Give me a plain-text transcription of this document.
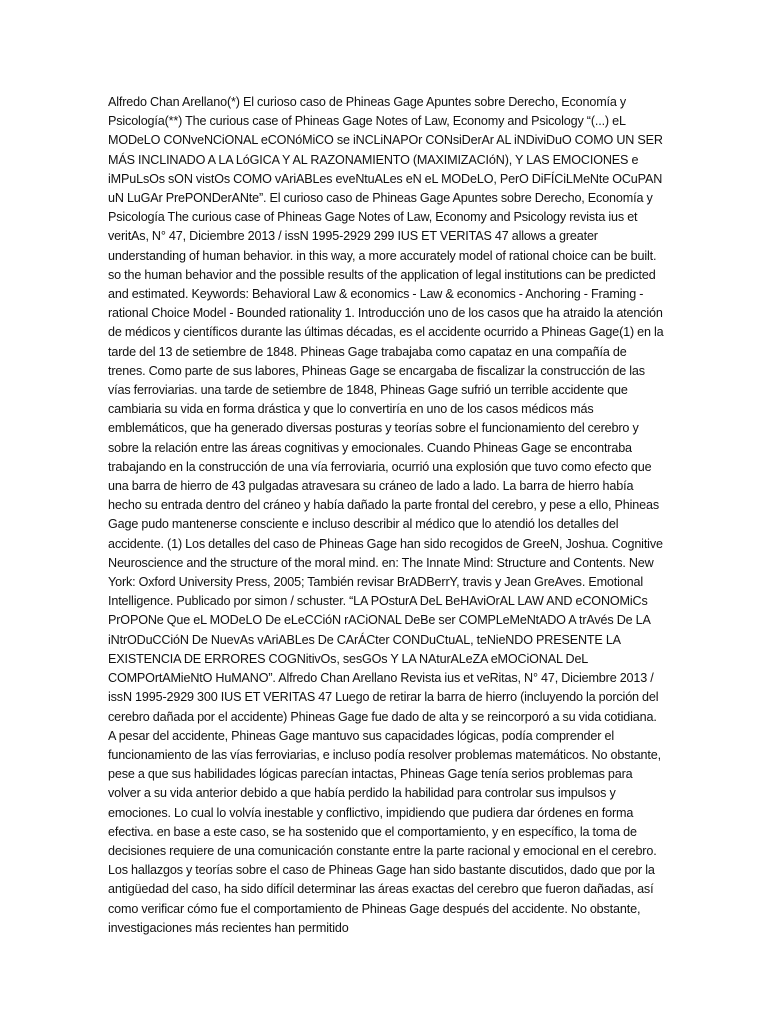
Alfredo Chan Arellano(*) El curioso caso de Phineas Gage Apuntes sobre Derecho, Economía y Psicología(**) The curious case of Phineas Gage Notes of Law, Economy and Psicology “(...) eL MODeLO CONveNCiONAL eCONóMiCO se iNCLiNAPOr CONsiDerAr AL iNDiviDuO COMO UN SER MÁS INCLINADO A LA LóGICA Y AL RAZONAMIENTO (MAXIMIZACIóN), Y LAS EMOCIONES e iMPuLsOs sON vistOs COMO vAriABLes eveNtuALes eN eL MODeLO, PerO DiFÍCiLMeNte OCuPAN uN LuGAr PrePONDerANte”. El curioso caso de Phineas Gage Apuntes sobre Derecho, Economía y Psicología The curious case of Phineas Gage Notes of Law, Economy and Psicology revista ius et veritAs, N° 47, Diciembre 2013 / issN 1995-2929 299 IUS ET VERITAS 47 allows a greater understanding of human behavior. in this way, a more accurately model of rational choice can be built. so the human behavior and the possible results of the application of legal institutions can be predicted and estimated. Keywords: Behavioral Law & economics - Law & economics - Anchoring - Framing - rational Choice Model - Bounded rationality 1. Introducción uno de los casos que ha atraido la atención de médicos y científicos durante las últimas décadas, es el accidente ocurrido a Phineas Gage(1) en la tarde del 13 de setiembre de 1848. Phineas Gage trabajaba como capataz en una compañía de trenes. Como parte de sus labores, Phineas Gage se encargaba de fiscalizar la construcción de las vías ferroviarias. una tarde de setiembre de 1848, Phineas Gage sufrió un terrible accidente que cambiaria su vida en forma drástica y que lo convertiría en uno de los casos médicos más emblemáticos, que ha generado diversas posturas y teorías sobre el funcionamiento del cerebro y sobre la relación entre las áreas cognitivas y emocionales. Cuando Phineas Gage se encontraba trabajando en la construcción de una vía ferroviaria, ocurrió una explosión que tuvo como efecto que una barra de hierro de 43 pulgadas atravesara su cráneo de lado a lado. La barra de hierro había hecho su entrada dentro del cráneo y había dañado la parte frontal del cerebro, y pese a ello, Phineas Gage pudo mantenerse consciente e incluso describir al médico que lo atendió los detalles del accidente. (1) Los detalles del caso de Phineas Gage han sido recogidos de GreeN, Joshua. Cognitive Neuroscience and the structure of the moral mind. en: The Innate Mind: Structure and Contents. New York: Oxford University Press, 2005; También revisar BrADBerrY, travis y Jean GreAves. Emotional Intelligence. Publicado por simon / schuster. “LA POsturA DeL BeHAviOrAL LAW AND eCONOMiCs PrOPONe Que eL MODeLO De eLeCCióN rACiONAL DeBe ser COMPLeMeNtADO A trAvés De LA iNtrODuCCióN De NuevAs vAriABLes De CArÁCter CONDuCtuAL, teNieNDO PRESENTE LA EXISTENCIA DE ERRORES COGNitivOs, sesGOs Y LA NAturALeZA eMOCiONAL DeL COMPOrtAMieNtO HuMANO”. Alfredo Chan Arellano Revista ius et veRitas, N° 47, Diciembre 2013 / issN 1995-2929 300 IUS ET VERITAS 47 Luego de retirar la barra de hierro (incluyendo la porción del cerebro dañada por el accidente) Phineas Gage fue dado de alta y se reincorporó a su vida cotidiana. A pesar del accidente, Phineas Gage mantuvo sus capacidades lógicas, podía comprender el funcionamiento de las vías ferroviarias, e incluso podía resolver problemas matemáticos. No obstante, pese a que sus habilidades lógicas parecían intactas, Phineas Gage tenía serios problemas para volver a su vida anterior debido a que había perdido la habilidad para controlar sus impulsos y emociones. Lo cual lo volvía inestable y conflictivo, impidiendo que pudiera dar órdenes en forma efectiva. en base a este caso, se ha sostenido que el comportamiento, y en específico, la toma de decisiones requiere de una comunicación constante entre la parte racional y emocional en el cerebro. Los hallazgos y teorías sobre el caso de Phineas Gage han sido bastante discutidos, dado que por la antigüedad del caso, ha sido difícil determinar las áreas exactas del cerebro que fueron dañadas, así como verificar cómo fue el comportamiento de Phineas Gage después del accidente. No obstante, investigaciones más recientes han permitido
